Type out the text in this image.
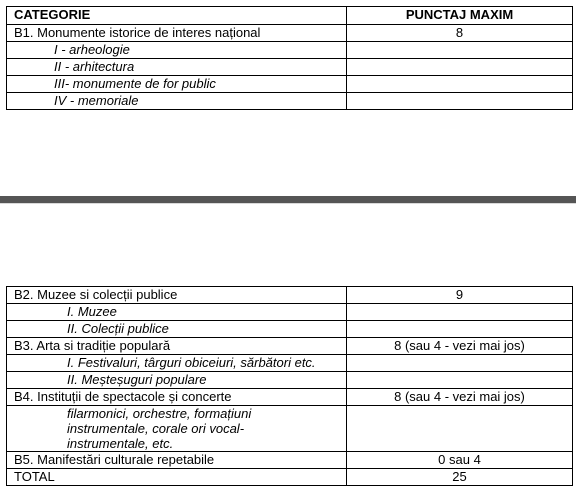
CATEGORIE	PUNCTAJ MAXIM
B1. Monumente istorice de interes național	8
I - arheologie	
II - arhitectura	
III- monumente de for public	
IV - memoriale	
B2. Muzee si colecții publice	9
I. Muzee	
II. Colecții publice	
B3. Arta si tradiție populară	8 (sau 4 - vezi mai jos)
I. Festivaluri, târguri obiceiuri, sărbători etc.	
II. Meșteșuguri populare	
B4. Instituții de spectacole și concerte	8 (sau 4 - vezi mai jos)
filarmonici, orchestre, formațiuni instrumentale, corale ori vocal-instrumentale, etc.	
B5. Manifestări culturale repetabile	0 sau 4
TOTAL	25
